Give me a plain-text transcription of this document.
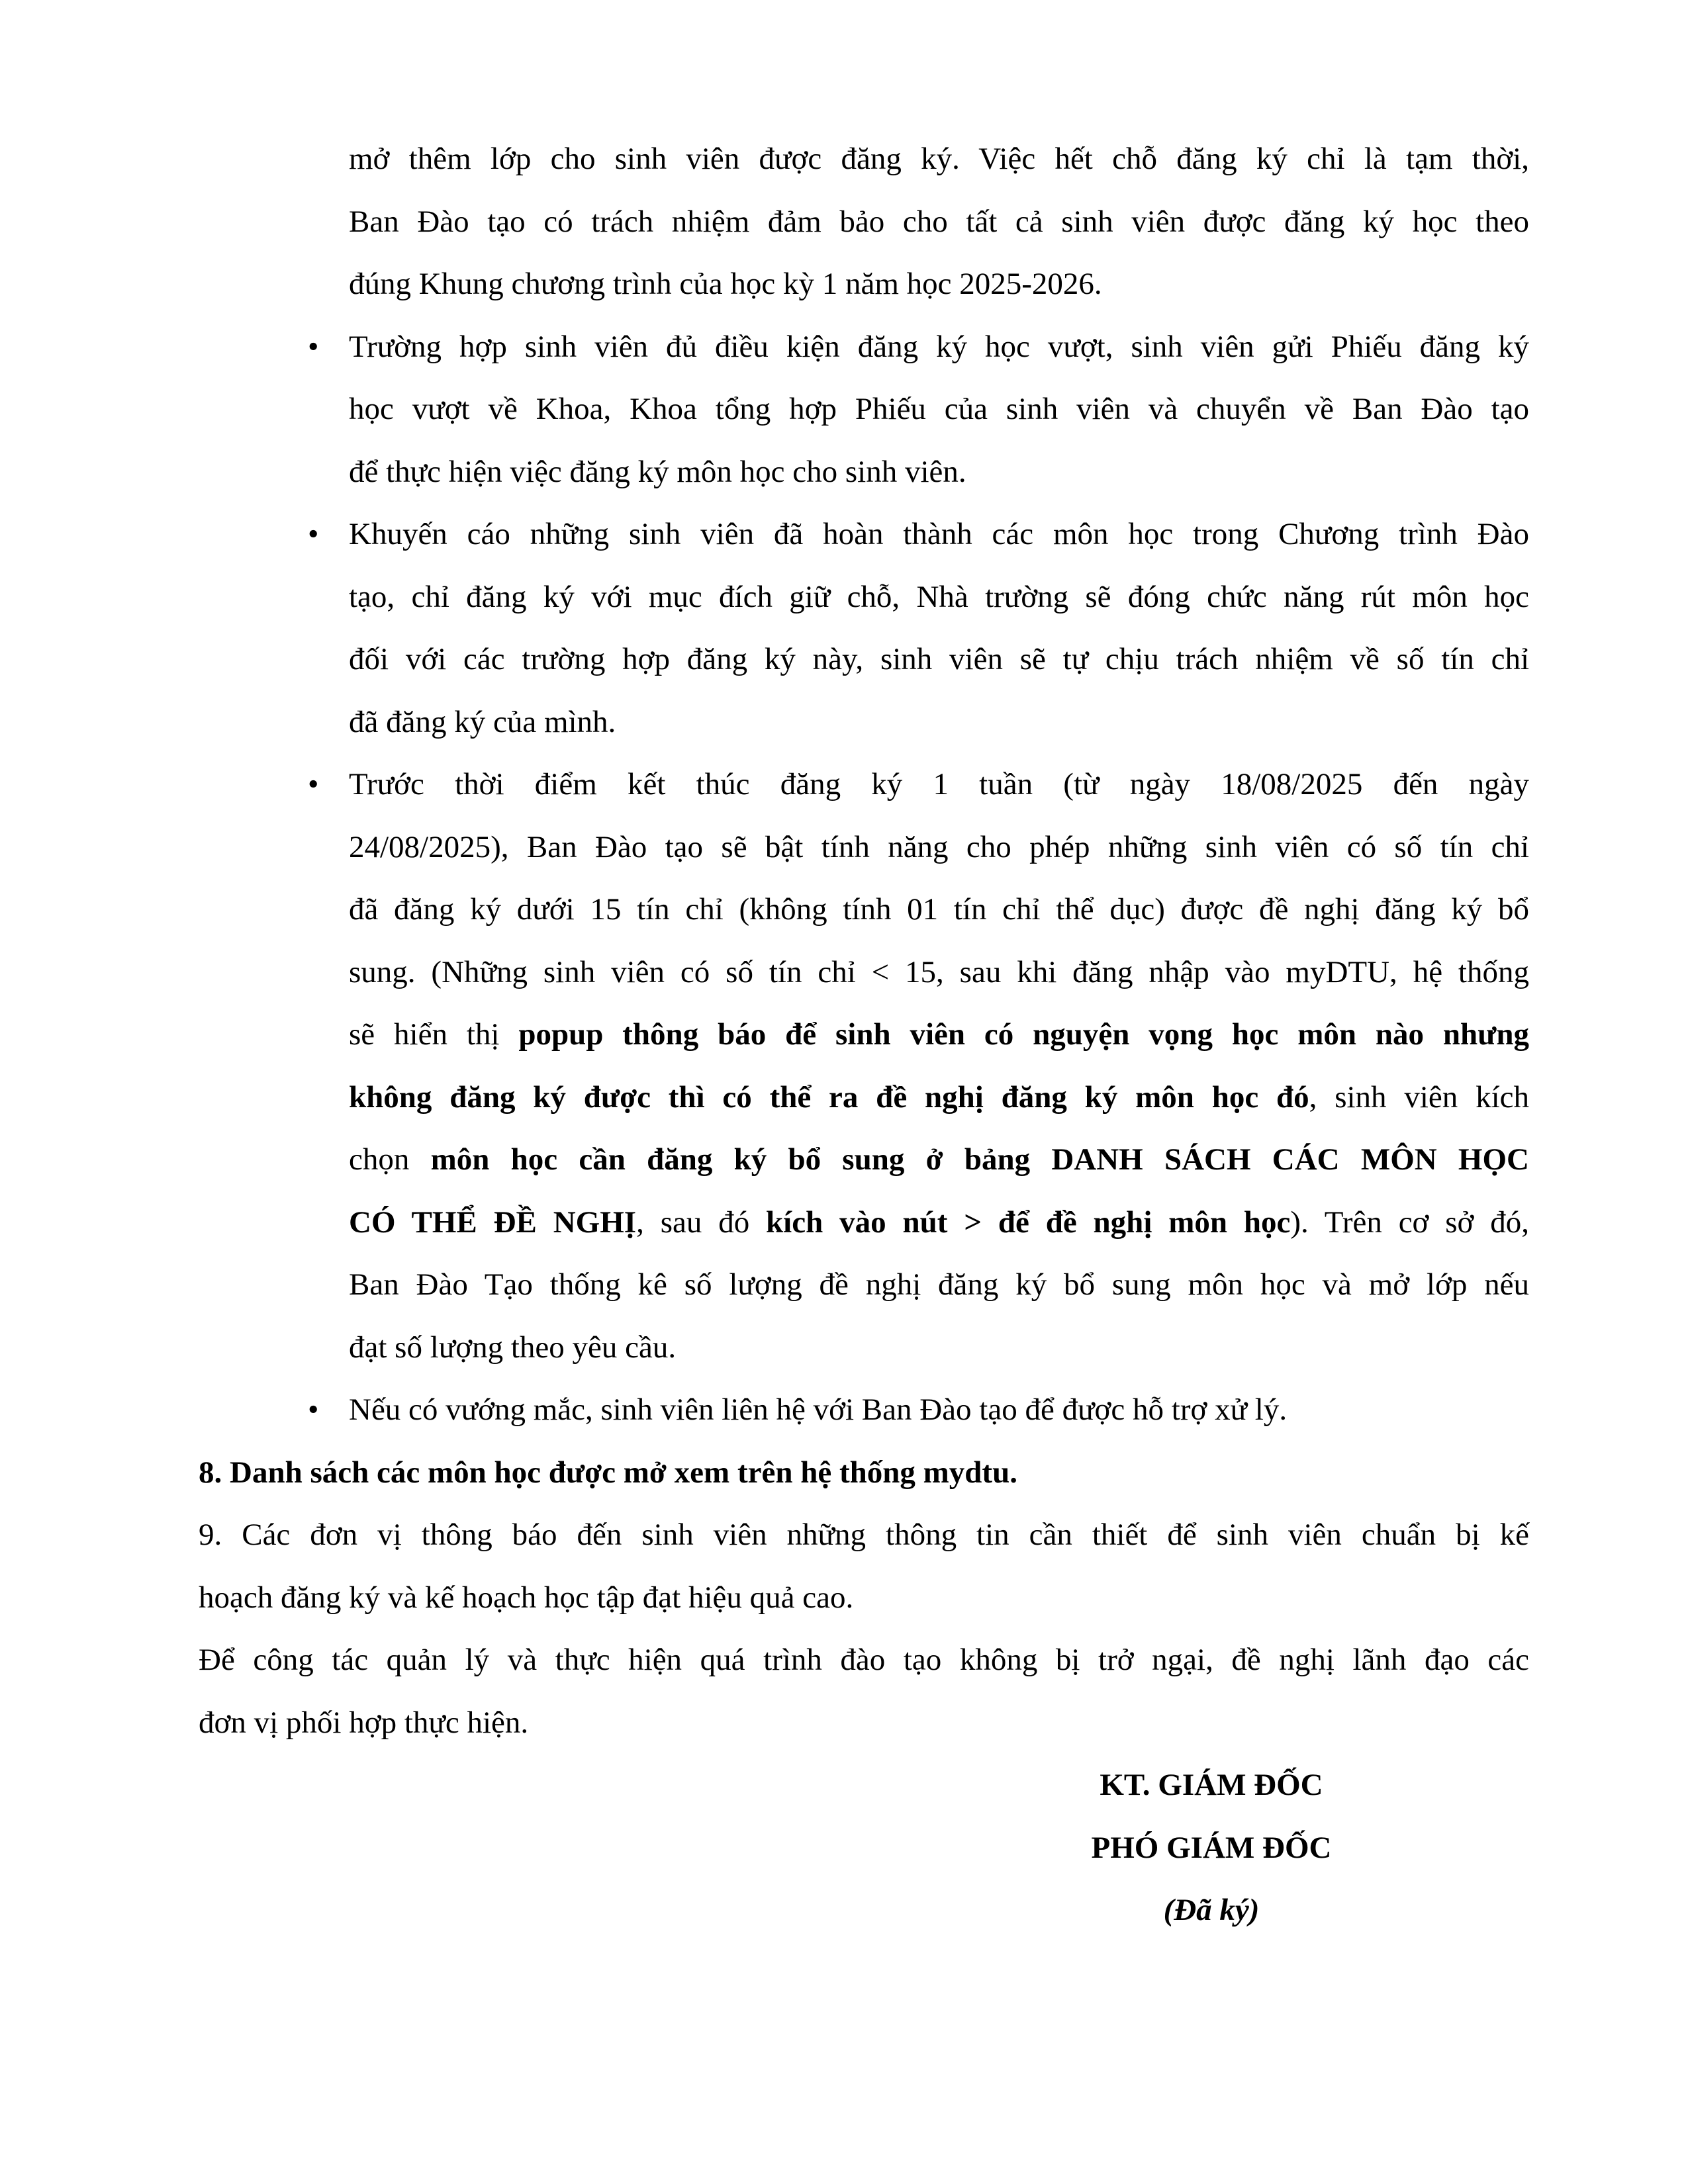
mở thêm lớp cho sinh viên được đăng ký. Việc hết chỗ đăng ký chỉ là tạm thời,
Ban Đào tạo có trách nhiệm đảm bảo cho tất cả sinh viên được đăng ký học theo
đúng Khung chương trình của học kỳ 1 năm học 2025-2026.
• Trường hợp sinh viên đủ điều kiện đăng ký học vượt, sinh viên gửi Phiếu đăng ký
học vượt về Khoa, Khoa tổng hợp Phiếu của sinh viên và chuyển về Ban Đào tạo
để thực hiện việc đăng ký môn học cho sinh viên.
• Khuyến cáo những sinh viên đã hoàn thành các môn học trong Chương trình Đào
tạo, chỉ đăng ký với mục đích giữ chỗ, Nhà trường sẽ đóng chức năng rút môn học
đối với các trường hợp đăng ký này, sinh viên sẽ tự chịu trách nhiệm về số tín chỉ
đã đăng ký của mình.
• Trước thời điểm kết thúc đăng ký 1 tuần (từ ngày 18/08/2025 đến ngày
24/08/2025), Ban Đào tạo sẽ bật tính năng cho phép những sinh viên có số tín chỉ
đã đăng ký dưới 15 tín chỉ (không tính 01 tín chỉ thể dục) được đề nghị đăng ký bổ
sung. (Những sinh viên có số tín chỉ < 15, sau khi đăng nhập vào myDTU, hệ thống
sẽ hiển thị popup thông báo để sinh viên có nguyện vọng học môn nào nhưng
không đăng ký được thì có thể ra đề nghị đăng ký môn học đó, sinh viên kích
chọn môn học cần đăng ký bổ sung ở bảng DANH SÁCH CÁC MÔN HỌC
CÓ THỂ ĐỀ NGHỊ, sau đó kích vào nút > để đề nghị môn học). Trên cơ sở đó,
Ban Đào Tạo thống kê số lượng đề nghị đăng ký bổ sung môn học và mở lớp nếu
đạt số lượng theo yêu cầu.
• Nếu có vướng mắc, sinh viên liên hệ với Ban Đào tạo để được hỗ trợ xử lý.
8. Danh sách các môn học được mở xem trên hệ thống mydtu.
9. Các đơn vị thông báo đến sinh viên những thông tin cần thiết để sinh viên chuẩn bị kế
hoạch đăng ký và kế hoạch học tập đạt hiệu quả cao.
Để công tác quản lý và thực hiện quá trình đào tạo không bị trở ngại, đề nghị lãnh đạo các
đơn vị phối hợp thực hiện.
KT. GIÁM ĐỐC
PHÓ GIÁM ĐỐC
(Đã ký)
